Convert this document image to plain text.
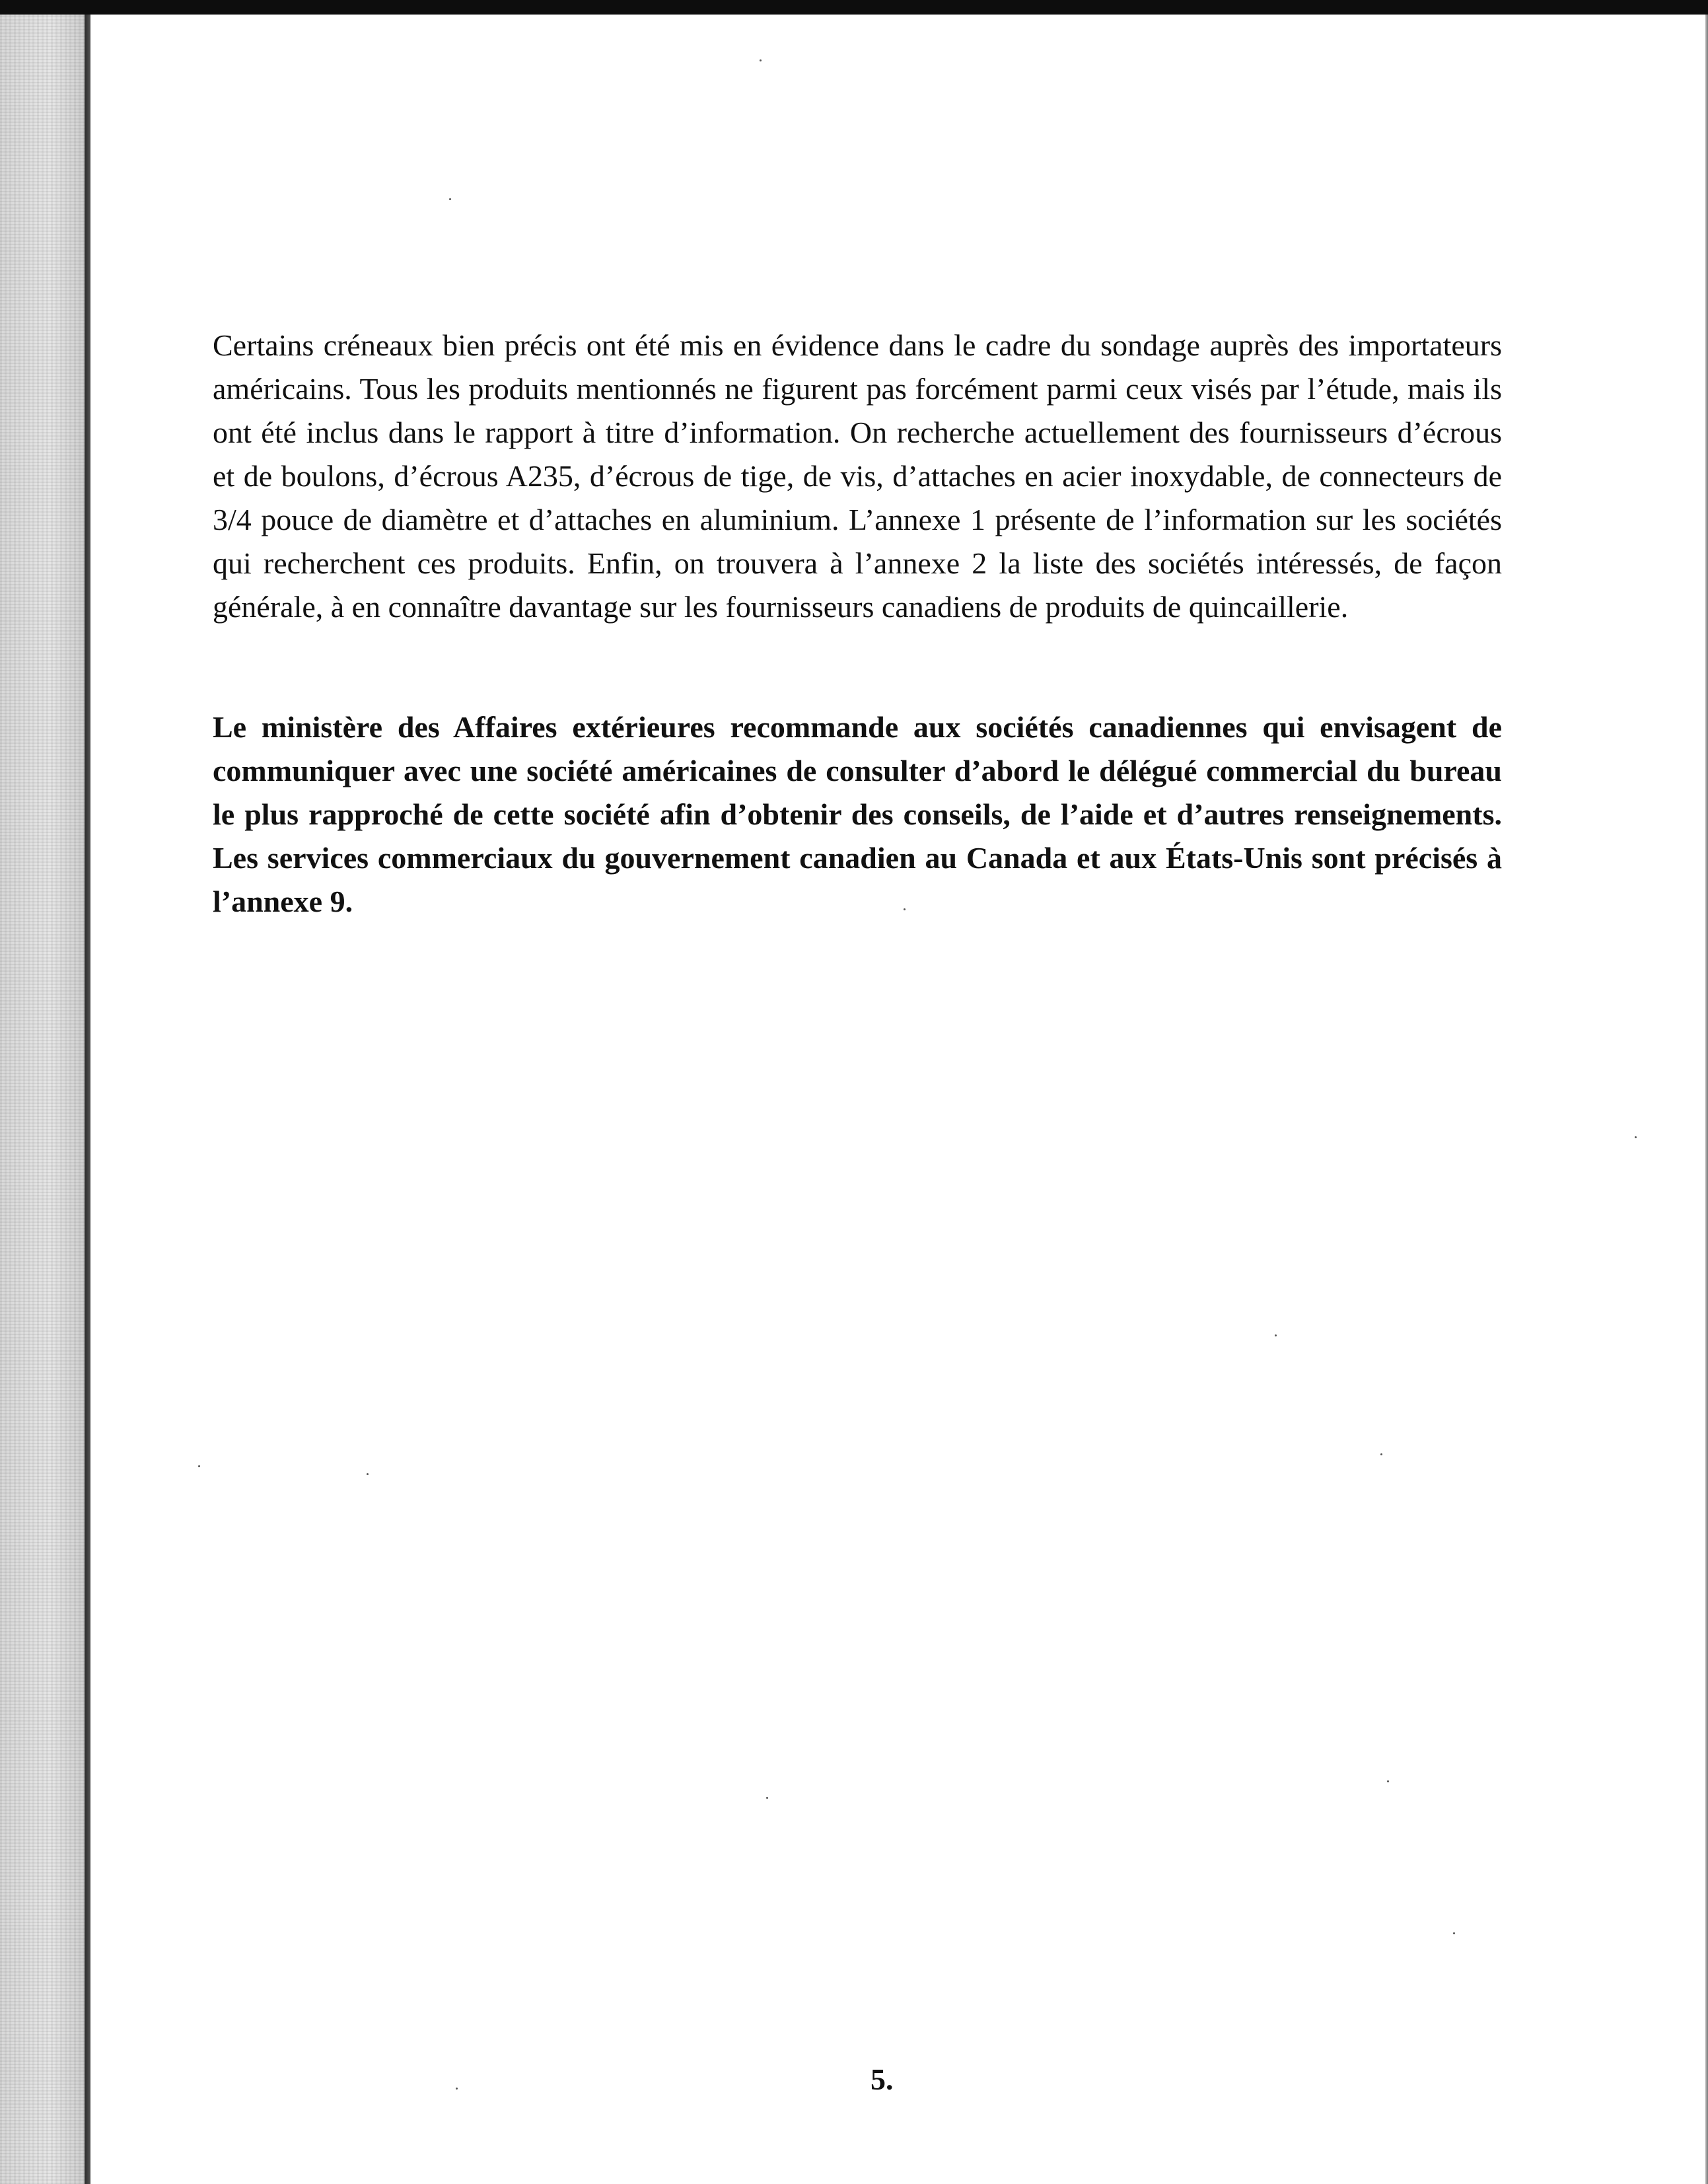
Certains créneaux bien précis ont été mis en évidence dans le cadre du sondage auprès des importateurs américains. Tous les produits mentionnés ne figurent pas forcément parmi ceux visés par l’étude, mais ils ont été inclus dans le rapport à titre d’information. On recherche actuellement des fournisseurs d’écrous et de boulons, d’écrous A235, d’écrous de tige, de vis, d’attaches en acier inoxydable, de connecteurs de 3/4 pouce de diamètre et d’attaches en aluminium. L’annexe 1 présente de l’information sur les sociétés qui recherchent ces produits. Enfin, on trouvera à l’annexe 2 la liste des sociétés intéressés, de façon générale, à en connaître davantage sur les fournisseurs canadiens de produits de quincaillerie.

Le ministère des Affaires extérieures recommande aux sociétés canadiennes qui envisagent de communiquer avec une société américaines de consulter d’abord le délégué commercial du bureau le plus rapproché de cette société afin d’obtenir des conseils, de l’aide et d’autres renseignements. Les services commerciaux du gouvernement canadien au Canada et aux États-Unis sont précisés à l’annexe 9.

5.
